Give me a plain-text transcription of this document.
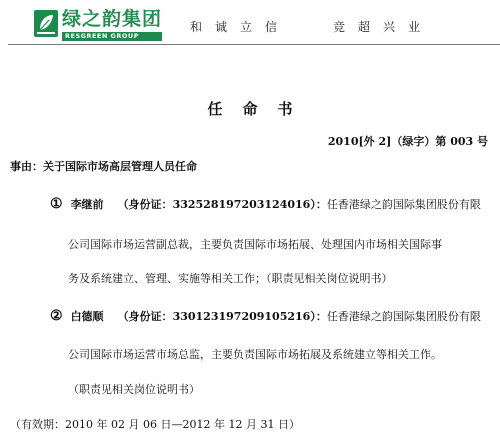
绿之韵集团
RESGREEN GROUP
和诚立信	竞超兴业
任命书
2010[外 2]（绿字）第 003 号
事由：关于国际市场高层管理人员任命
① 李继前 （身份证：332528197203124016）：任香港绿之韵国际集团股份有限
公司国际市场运营副总裁，主要负责国际市场拓展、处理国内市场相关国际事
务及系统建立、管理、实施等相关工作；（职责见相关岗位说明书）
② 白德顺 （身份证：330123197209105216）：任香港绿之韵国际集团股份有限
公司国际市场运营市场总监，主要负责国际市场拓展及系统建立等相关工作。
（职责见相关岗位说明书）
（有效期：2010 年 02 月 06 日—2012 年 12 月 31 日）
